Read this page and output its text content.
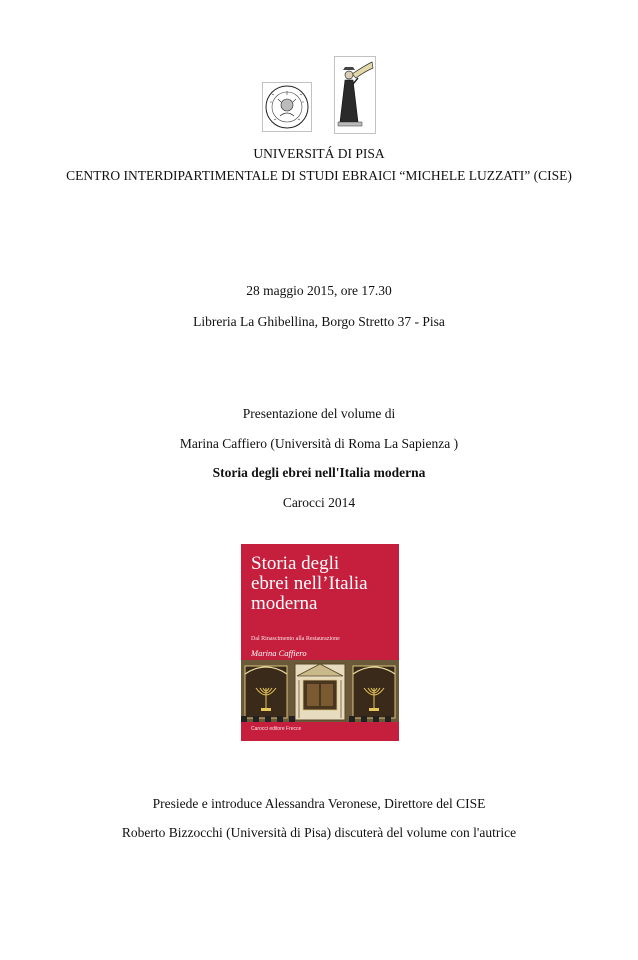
UNIVERSITÁ DI PISA
CENTRO INTERDIPARTIMENTALE DI STUDI EBRAICI “MICHELE LUZZATI” (CISE)
28 maggio 2015, ore 17.30
Libreria La Ghibellina, Borgo Stretto 37 - Pisa
Presentazione del volume di
Marina Caffiero (Università di Roma La Sapienza )
Storia degli ebrei nell'Italia moderna
Carocci 2014
Storia degli
ebrei nell’Italia
moderna
Dal Rinascimento alla Restaurazione
Marina Caffiero
Carocci editore Frecce
Presiede e introduce Alessandra Veronese, Direttore del CISE
Roberto Bizzocchi (Università di Pisa) discuterà del volume con l'autrice
